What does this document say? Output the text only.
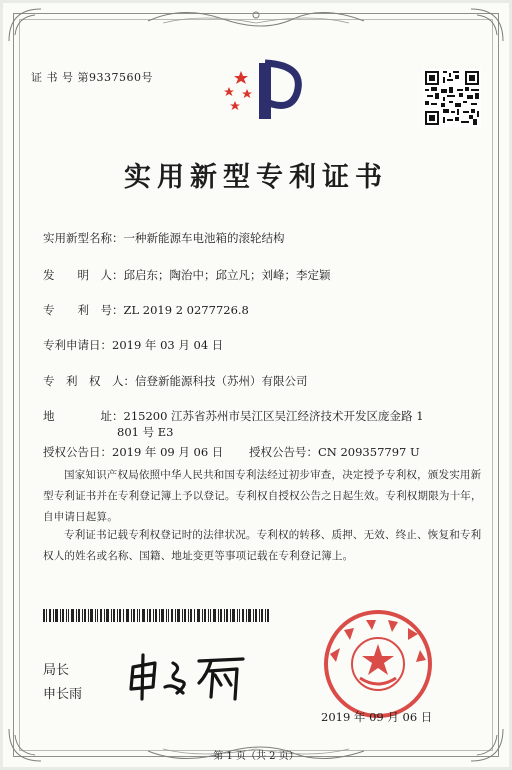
证 书 号 第9337560号
实用新型专利证书
实用新型名称：一种新能源车电池箱的滚轮结构
发　　明　人：邱启东；陶治中；邱立凡；刘峰；李定颖
专　　利　号：ZL 2019 2 0277726.8
专利申请日：2019 年 03 月 04 日
专　利　权　人：信登新能源科技（苏州）有限公司
地　　　　址：215200 江苏省苏州市吴江区吴江经济技术开发区庞金路 1
801 号 E3
授权公告日：2019 年 09 月 06 日 授权公告号：CN 209357797 U
国家知识产权局依照中华人民共和国专利法经过初步审查，决定授予专利权，颁发实用新型专利证书并在专利登记簿上予以登记。专利权自授权公告之日起生效。专利权期限为十年，自申请日起算。
专利证书记载专利权登记时的法律状况。专利权的转移、质押、无效、终止、恢复和专利权人的姓名或名称、国籍、地址变更等事项记载在专利登记簿上。
局长
申长雨
2019 年 09 月 06 日
第 1 页（共 2 页）
